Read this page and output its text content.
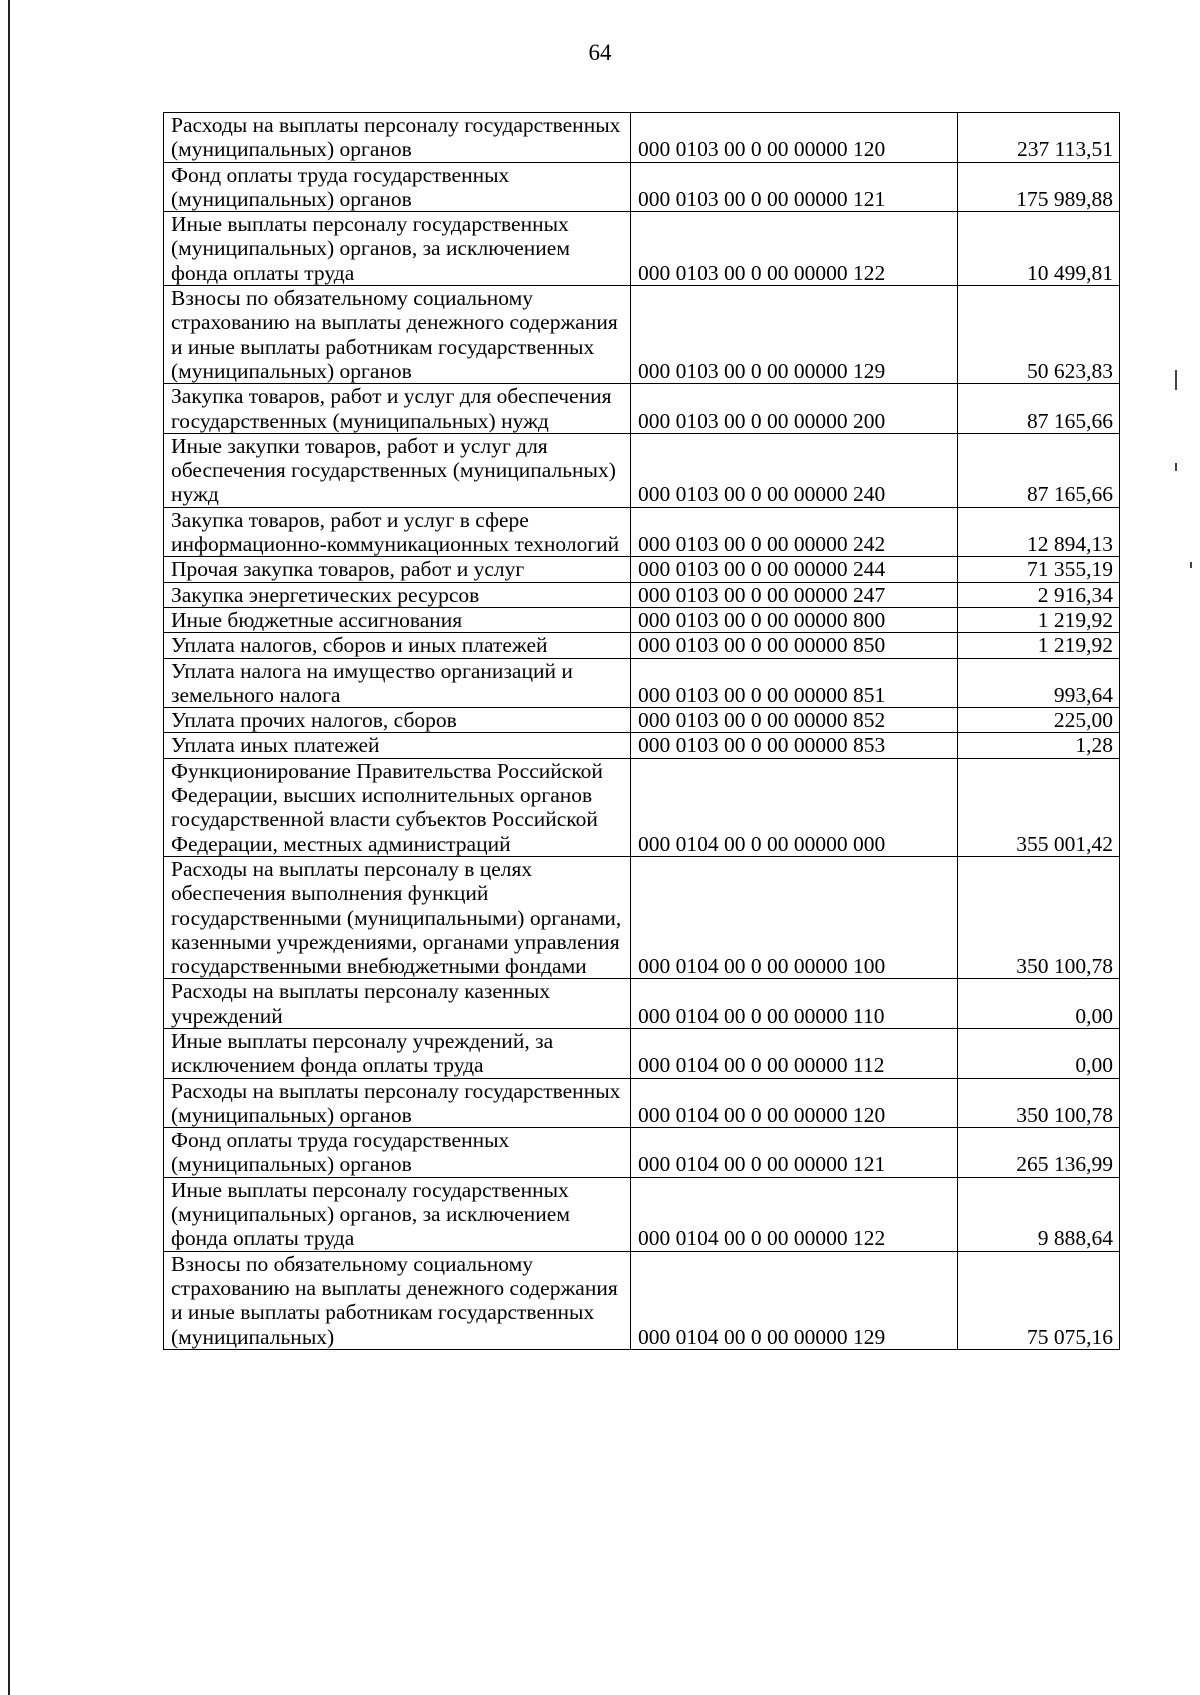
64
Расходы на выплаты персоналу государственных (муниципальных) органов	000 0103 00 0 00 00000 120	237 113,51
Фонд оплаты труда государственных (муниципальных) органов	000 0103 00 0 00 00000 121	175 989,88
Иные выплаты персоналу государственных (муниципальных) органов, за исключением фонда оплаты труда	000 0103 00 0 00 00000 122	10 499,81
Взносы по обязательному социальному страхованию на выплаты денежного содержания и иные выплаты работникам государственных (муниципальных) органов	000 0103 00 0 00 00000 129	50 623,83
Закупка товаров, работ и услуг для обеспечения государственных (муниципальных) нужд	000 0103 00 0 00 00000 200	87 165,66
Иные закупки товаров, работ и услуг для обеспечения государственных (муниципальных) нужд	000 0103 00 0 00 00000 240	87 165,66
Закупка товаров, работ и услуг в сфере информационно-коммуникационных технологий	000 0103 00 0 00 00000 242	12 894,13
Прочая закупка товаров, работ и услуг	000 0103 00 0 00 00000 244	71 355,19
Закупка энергетических ресурсов	000 0103 00 0 00 00000 247	2 916,34
Иные бюджетные ассигнования	000 0103 00 0 00 00000 800	1 219,92
Уплата налогов, сборов и иных платежей	000 0103 00 0 00 00000 850	1 219,92
Уплата налога на имущество организаций и земельного налога	000 0103 00 0 00 00000 851	993,64
Уплата прочих налогов, сборов	000 0103 00 0 00 00000 852	225,00
Уплата иных платежей	000 0103 00 0 00 00000 853	1,28
Функционирование Правительства Российской Федерации, высших исполнительных органов государственной власти субъектов Российской Федерации, местных администраций	000 0104 00 0 00 00000 000	355 001,42
Расходы на выплаты персоналу в целях обеспечения выполнения функций государственными (муниципальными) органами, казенными учреждениями, органами управления государственными внебюджетными фондами	000 0104 00 0 00 00000 100	350 100,78
Расходы на выплаты персоналу казенных учреждений	000 0104 00 0 00 00000 110	0,00
Иные выплаты персоналу учреждений, за исключением фонда оплаты труда	000 0104 00 0 00 00000 112	0,00
Расходы на выплаты персоналу государственных (муниципальных) органов	000 0104 00 0 00 00000 120	350 100,78
Фонд оплаты труда государственных (муниципальных) органов	000 0104 00 0 00 00000 121	265 136,99
Иные выплаты персоналу государственных (муниципальных) органов, за исключением фонда оплаты труда	000 0104 00 0 00 00000 122	9 888,64
Взносы по обязательному социальному страхованию на выплаты денежного содержания и иные выплаты работникам государственных (муниципальных)	000 0104 00 0 00 00000 129	75 075,16
